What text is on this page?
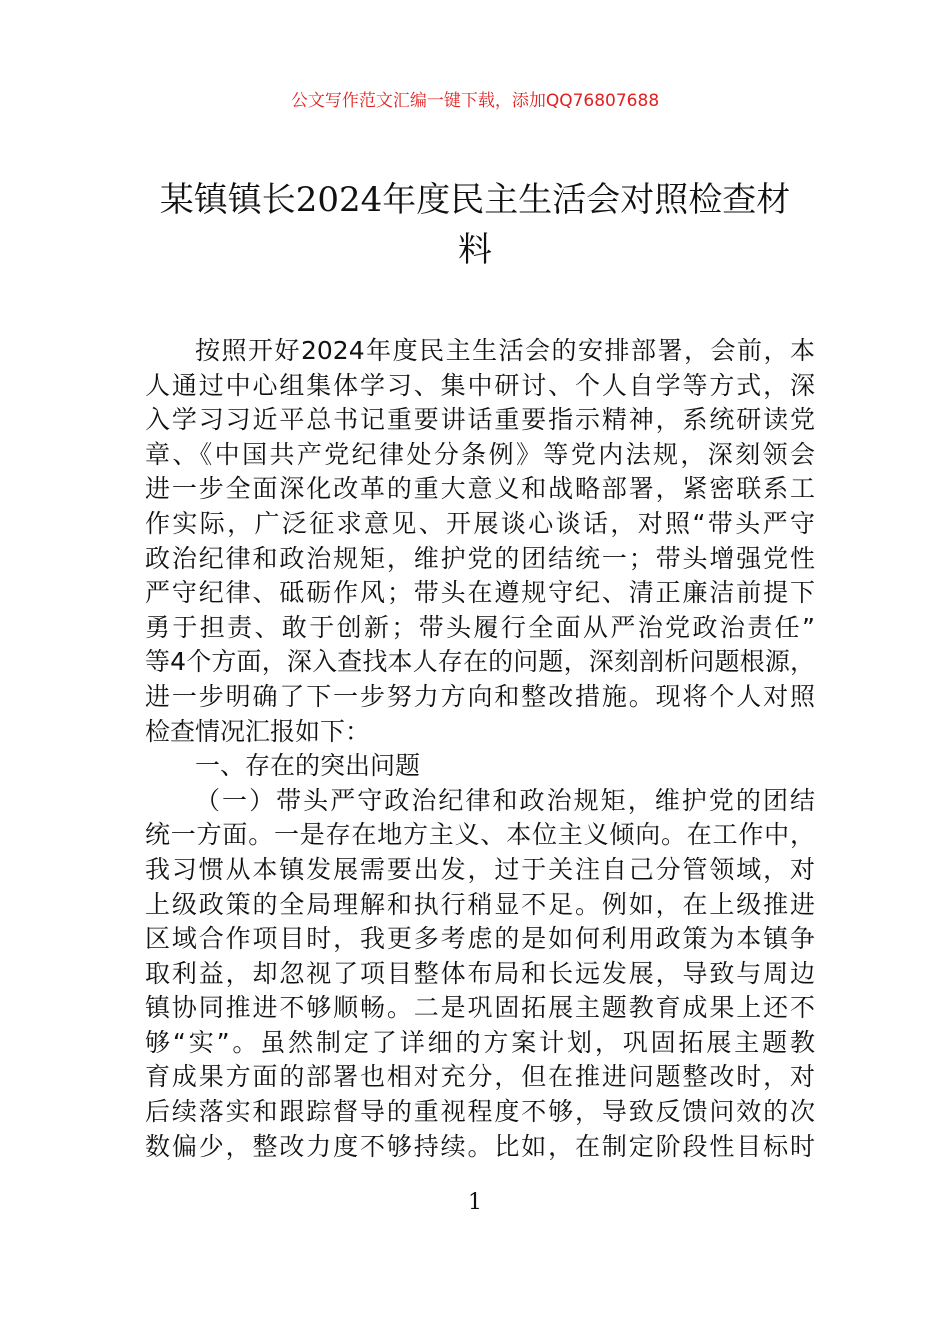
公文写作范文汇编一键下载，添加QQ76807688
某镇镇长2024年度民主生活会对照检查材
料
按照开好2024年度民主生活会的安排部署，会前，本
人通过中心组集体学习、集中研讨、个人自学等方式，深
入学习习近平总书记重要讲话重要指示精神，系统研读党
章、《中国共产党纪律处分条例》等党内法规，深刻领会
进一步全面深化改革的重大意义和战略部署，紧密联系工
作实际，广泛征求意见、开展谈心谈话，对照“带头严守
政治纪律和政治规矩，维护党的团结统一；带头增强党性
严守纪律、砥砺作风；带头在遵规守纪、清正廉洁前提下
勇于担责、敢于创新；带头履行全面从严治党政治责任”
等4个方面，深入查找本人存在的问题，深刻剖析问题根源，
进一步明确了下一步努力方向和整改措施。现将个人对照
检查情况汇报如下：
一、存在的突出问题
（一）带头严守政治纪律和政治规矩，维护党的团结
统一方面。一是存在地方主义、本位主义倾向。在工作中，
我习惯从本镇发展需要出发，过于关注自己分管领域，对
上级政策的全局理解和执行稍显不足。例如，在上级推进
区域合作项目时，我更多考虑的是如何利用政策为本镇争
取利益，却忽视了项目整体布局和长远发展，导致与周边
镇协同推进不够顺畅。二是巩固拓展主题教育成果上还不
够“实”。虽然制定了详细的方案计划，巩固拓展主题教
育成果方面的部署也相对充分，但在推进问题整改时，对
后续落实和跟踪督导的重视程度不够，导致反馈问效的次
数偏少，整改力度不够持续。比如，在制定阶段性目标时
1
